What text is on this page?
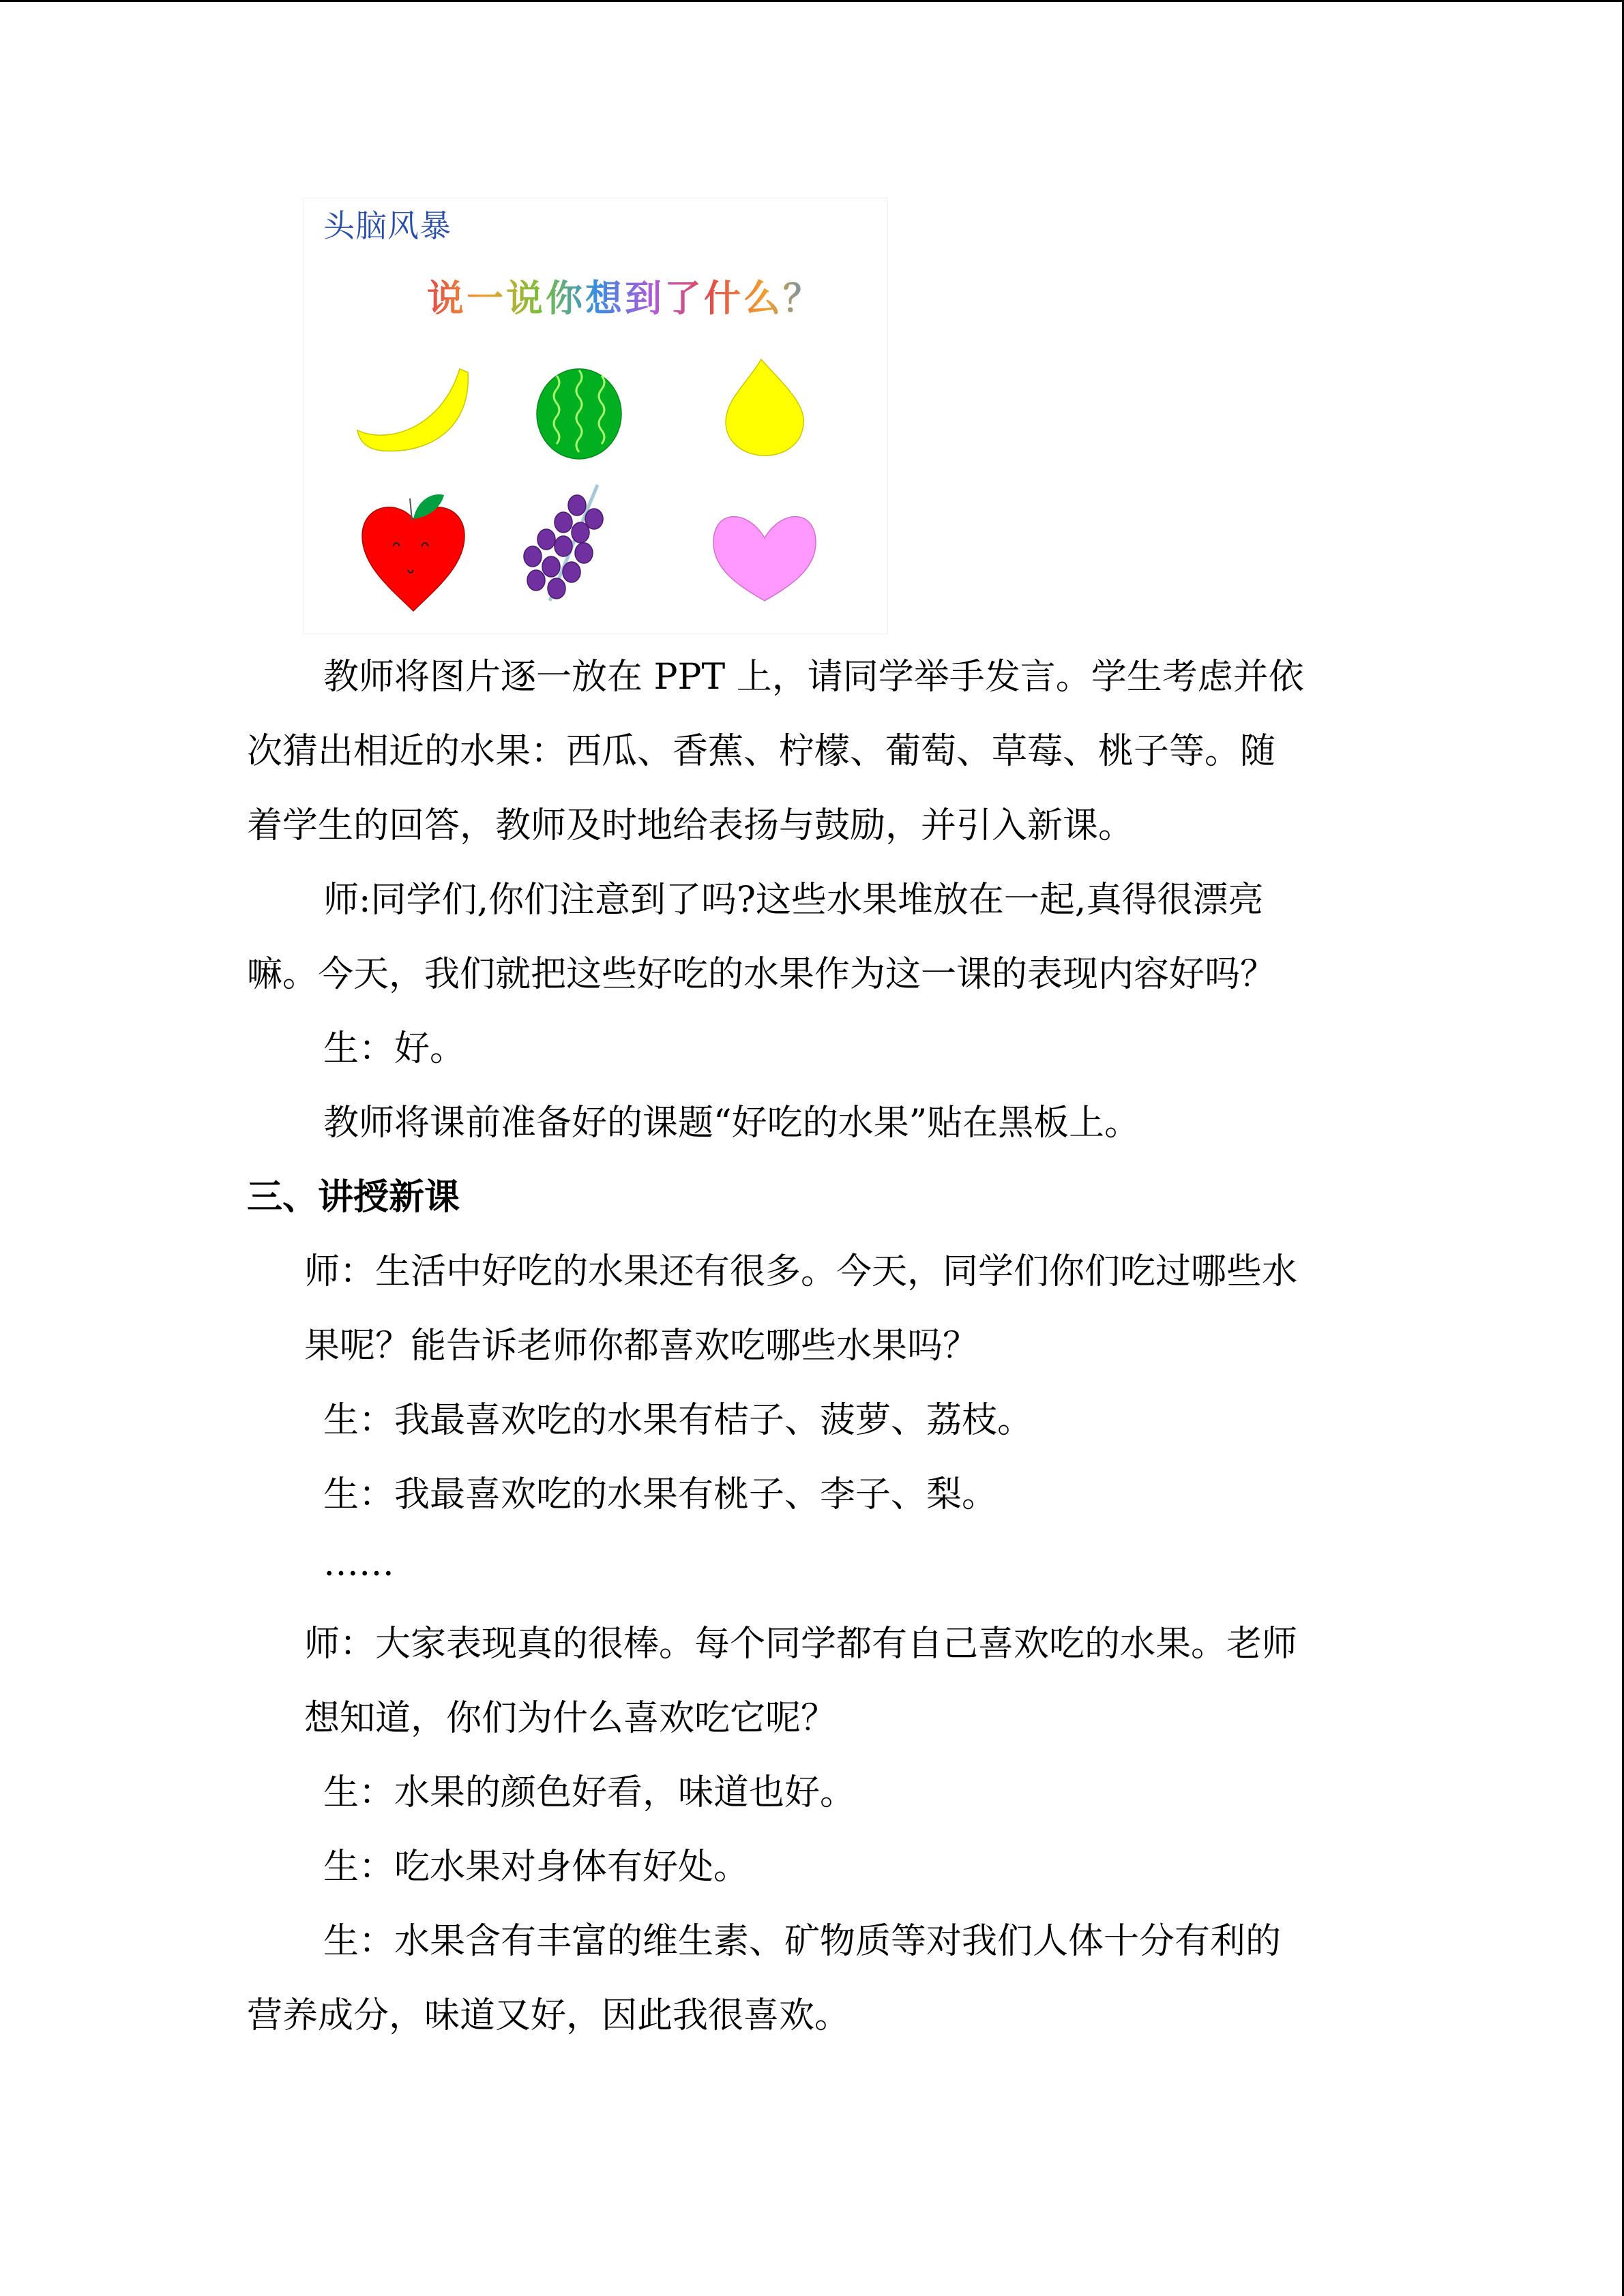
头脑风暴
说一说你想到了什么？
教师将图片逐一放在 PPT 上，请同学举手发言。学生考虑并依
次猜出相近的水果：西瓜、香蕉、柠檬、葡萄、草莓、桃子等。随
着学生的回答，教师及时地给表扬与鼓励，并引入新课。
师:同学们,你们注意到了吗?这些水果堆放在一起,真得很漂亮
嘛。今天，我们就把这些好吃的水果作为这一课的表现内容好吗？
生：好。
教师将课前准备好的课题“好吃的水果”贴在黑板上。
三、讲授新课
师：生活中好吃的水果还有很多。今天，同学们你们吃过哪些水
果呢？能告诉老师你都喜欢吃哪些水果吗？
生：我最喜欢吃的水果有桔子、菠萝、荔枝。
生：我最喜欢吃的水果有桃子、李子、梨。
……
师：大家表现真的很棒。每个同学都有自己喜欢吃的水果。老师
想知道，你们为什么喜欢吃它呢？
生：水果的颜色好看，味道也好。
生：吃水果对身体有好处。
生：水果含有丰富的维生素、矿物质等对我们人体十分有利的
营养成分，味道又好，因此我很喜欢。
